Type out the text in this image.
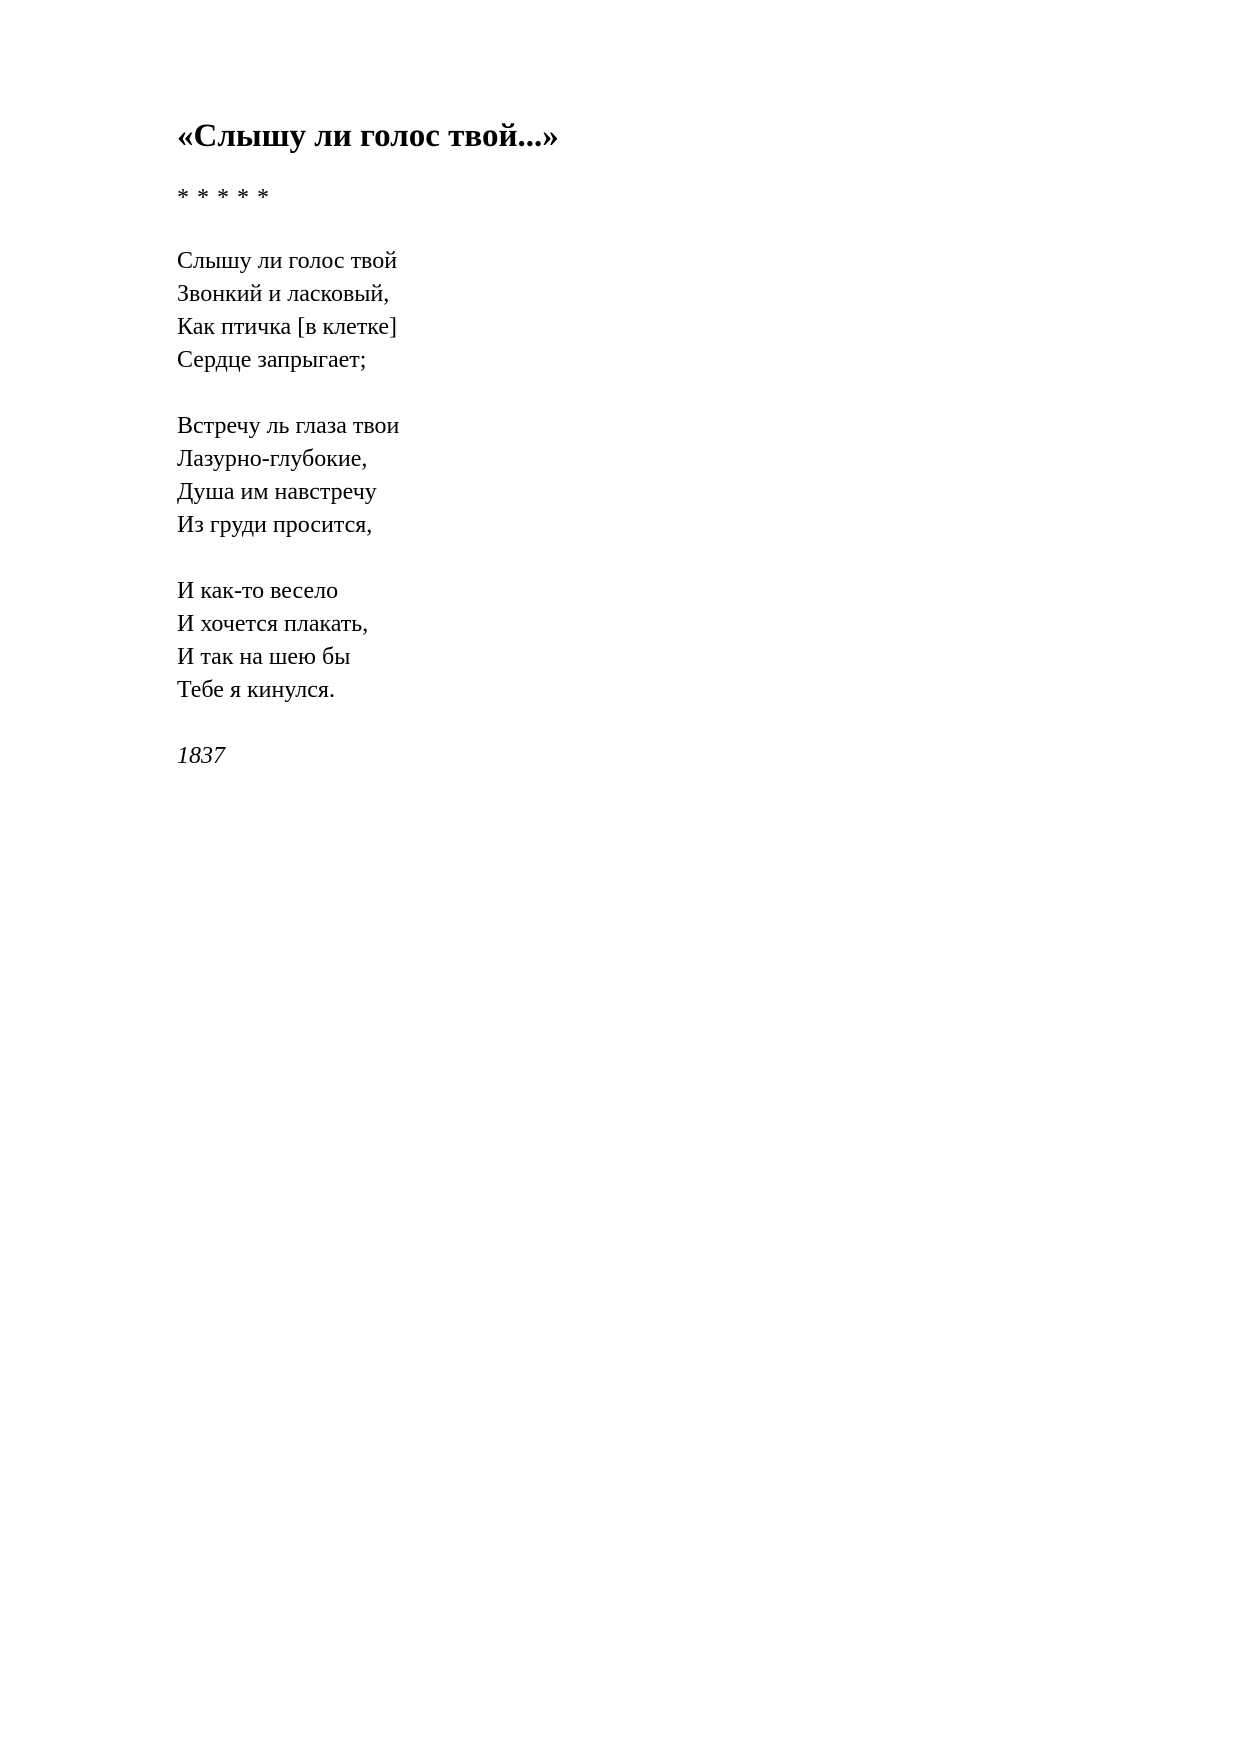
«Слышу ли голос твой...»
* * * * *
Слышу ли голос твой
Звонкий и ласковый,
Как птичка [в клетке]
Сердце запрыгает;
Встречу ль глаза твои
Лазурно-глубокие,
Душа им навстречу
Из груди просится,
И как-то весело
И хочется плакать,
И так на шею бы
Тебе я кинулся.
1837
